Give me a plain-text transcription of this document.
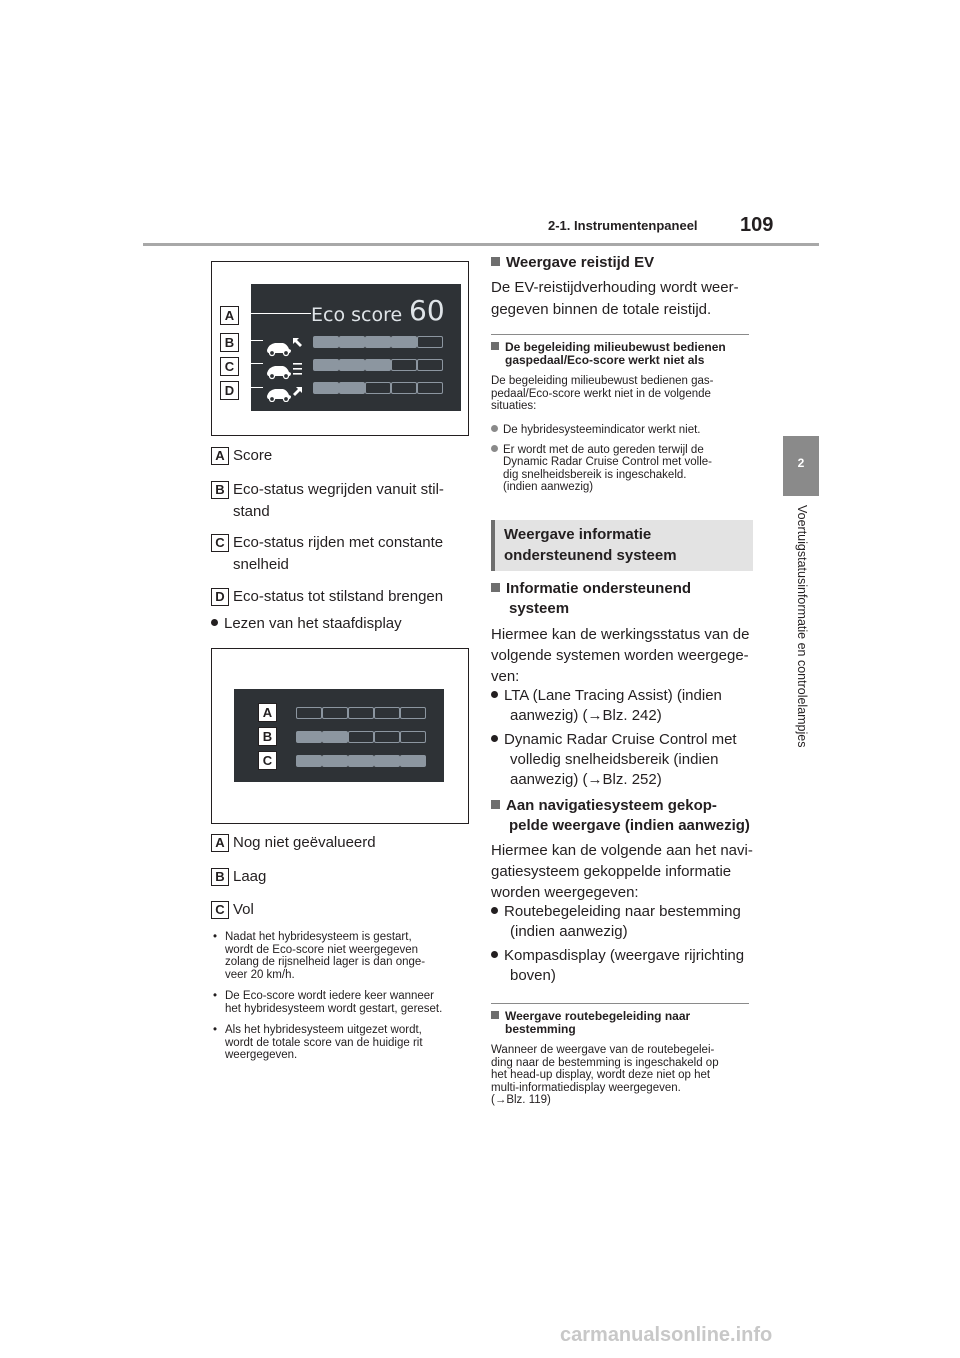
2-1. Instrumentenpaneel 109
2
Voertuigstatusinformatie en controlelampjes
Eco score 60
A
B
C
D
A Score
B Eco-status wegrijden vanuit stil-
stand
C Eco-status rijden met constante
snelheid
D Eco-status tot stilstand brengen
Lezen van het staafdisplay
A
B
C
A Nog niet geëvalueerd
B Laag
C Vol
• Nadat het hybridesysteem is gestart,
wordt de Eco-score niet weergegeven
zolang de rijsnelheid lager is dan onge-
veer 20 km/h.
• De Eco-score wordt iedere keer wanneer
het hybridesysteem wordt gestart, gereset.
• Als het hybridesysteem uitgezet wordt,
wordt de totale score van de huidige rit
weergegeven.
Weergave reistijd EV
De EV-reistijdverhouding wordt weer-
gegeven binnen de totale reistijd.
De begeleiding milieubewust bedienen
gaspedaal/Eco-score werkt niet als
De begeleiding milieubewust bedienen gas-
pedaal/Eco-score werkt niet in de volgende
situaties:
De hybridesysteemindicator werkt niet.
Er wordt met de auto gereden terwijl de
Dynamic Radar Cruise Control met volle-
dig snelheidsbereik is ingeschakeld.
(indien aanwezig)
Weergave informatie
ondersteunend systeem
Informatie ondersteunend
systeem
Hiermee kan de werkingsstatus van de
volgende systemen worden weergege-
ven:
LTA (Lane Tracing Assist) (indien
aanwezig) (→Blz. 242)
Dynamic Radar Cruise Control met
volledig snelheidsbereik (indien
aanwezig) (→Blz. 252)
Aan navigatiesysteem gekop-
pelde weergave (indien aanwezig)
Hiermee kan de volgende aan het navi-
gatiesysteem gekoppelde informatie
worden weergegeven:
Routebegeleiding naar bestemming
(indien aanwezig)
Kompasdisplay (weergave rijrichting
boven)
Weergave routebegeleiding naar
bestemming
Wanneer de weergave van de routebegelei-
ding naar de bestemming is ingeschakeld op
het head-up display, wordt deze niet op het
multi-informatiedisplay weergegeven.
(→Blz. 119)
carmanualsonline.info
